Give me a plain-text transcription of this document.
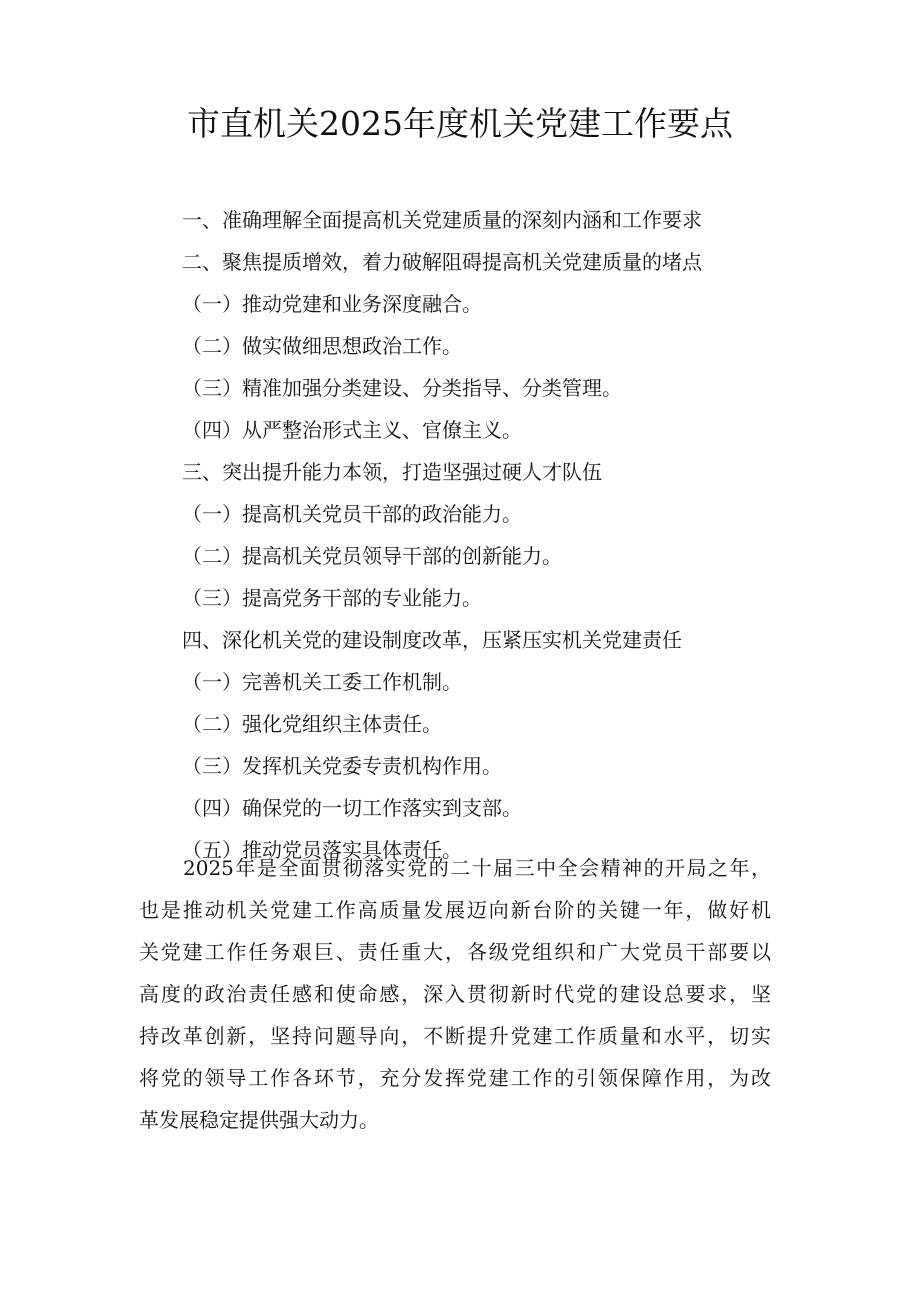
市直机关2025年度机关党建工作要点
一、准确理解全面提高机关党建质量的深刻内涵和工作要求
二、聚焦提质增效，着力破解阻碍提高机关党建质量的堵点
（一）推动党建和业务深度融合。
（二）做实做细思想政治工作。
（三）精准加强分类建设、分类指导、分类管理。
（四）从严整治形式主义、官僚主义。
三、突出提升能力本领，打造坚强过硬人才队伍
（一）提高机关党员干部的政治能力。
（二）提高机关党员领导干部的创新能力。
（三）提高党务干部的专业能力。
四、深化机关党的建设制度改革，压紧压实机关党建责任
（一）完善机关工委工作机制。
（二）强化党组织主体责任。
（三）发挥机关党委专责机构作用。
（四）确保党的一切工作落实到支部。
（五）推动党员落实具体责任。

2025年是全面贯彻落实党的二十届三中全会精神的开局之年，
也是推动机关党建工作高质量发展迈向新台阶的关键一年，做好机
关党建工作任务艰巨、责任重大，各级党组织和广大党员干部要以
高度的政治责任感和使命感，深入贯彻新时代党的建设总要求，坚
持改革创新，坚持问题导向，不断提升党建工作质量和水平，切实
将党的领导工作各环节，充分发挥党建工作的引领保障作用，为改
革发展稳定提供强大动力。
